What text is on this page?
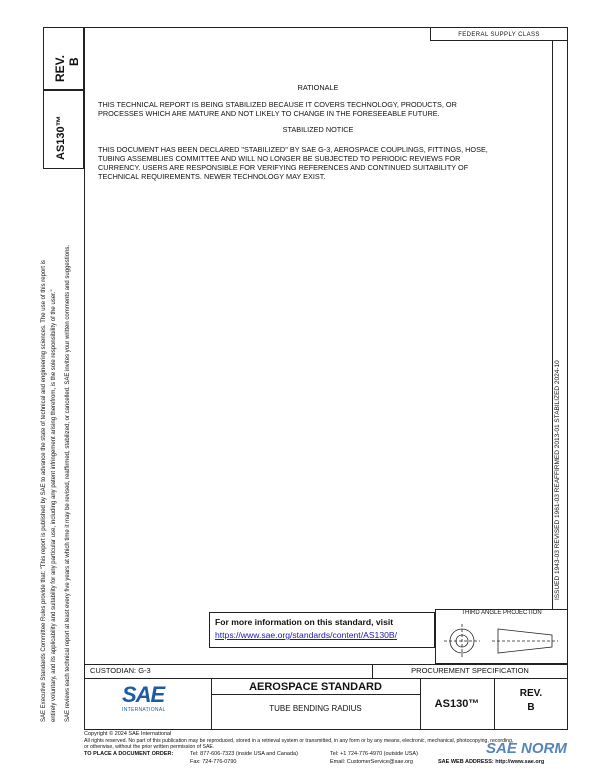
REV. B
AS130™
SAE Executive Standards Committee Rules provide that: "This report is published by SAE to advance the state of technical and engineering sciences. The use of this report is entirely voluntary, and its applicability and suitability for any particular use, including any patent infringement arising therefrom, is the sole responsibility of the user." SAE reviews each technical report at least every five years at which time it may be revised, reaffirmed, stabilized, or cancelled. SAE invites your written comments and suggestions.
FEDERAL SUPPLY CLASS
RATIONALE
THIS TECHNICAL REPORT IS BEING STABILIZED BECAUSE IT COVERS TECHNOLOGY, PRODUCTS, OR
PROCESSES WHICH ARE MATURE AND NOT LIKELY TO CHANGE IN THE FORESEEABLE FUTURE.
STABILIZED NOTICE
THIS DOCUMENT HAS BEEN DECLARED "STABILIZED" BY SAE G-3, AEROSPACE COUPLINGS, FITTINGS, HOSE,
TUBING ASSEMBLIES COMMITTEE AND WILL NO LONGER BE SUBJECTED TO PERIODIC REVIEWS FOR
CURRENCY. USERS ARE RESPONSIBLE FOR VERIFYING REFERENCES AND CONTINUED SUITABILITY OF
TECHNICAL REQUIREMENTS. NEWER TECHNOLOGY MAY EXIST.
ISSUED 1943-03 REVISED 1961-03 REAFFIRMED 2013-01 STABILIZED 2024-10
For more information on this standard, visit
https://www.sae.org/standards/content/AS130B/
THIRD ANGLE PROJECTION
CUSTODIAN: G-3	PROCUREMENT SPECIFICATION
SAE
INTERNATIONAL
AEROSPACE STANDARD
TUBE BENDING RADIUS	AS130™
REV.
B
Copyright © 2024 SAE International
All rights reserved. No part of this publication may be reproduced, stored in a retrieval system or transmitted, in any form or by any means, electronic, mechanical, photocopying, recording,
or otherwise, without the prior written permission of SAE.
TO PLACE A DOCUMENT ORDER:	Tel: 877-606-7323 (inside USA and Canada)	Tel: +1 724-776-4970 (outside USA)
Fax: 724-776-0790	Email: CustomerService@sae.org	SAE WEB ADDRESS: http://www.sae.org
SAE NORM
